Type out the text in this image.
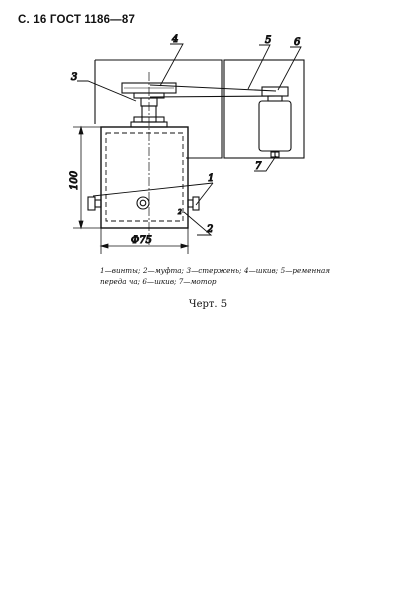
С. 16 ГОСТ 1186—87
2
100
Φ75
4
3
5 6
7
1
2
1—винты; 2—муфта; 3—стержень; 4—шкив; 5—ременная переда ча; 6—шкив; 7—мотор
Черт. 5
